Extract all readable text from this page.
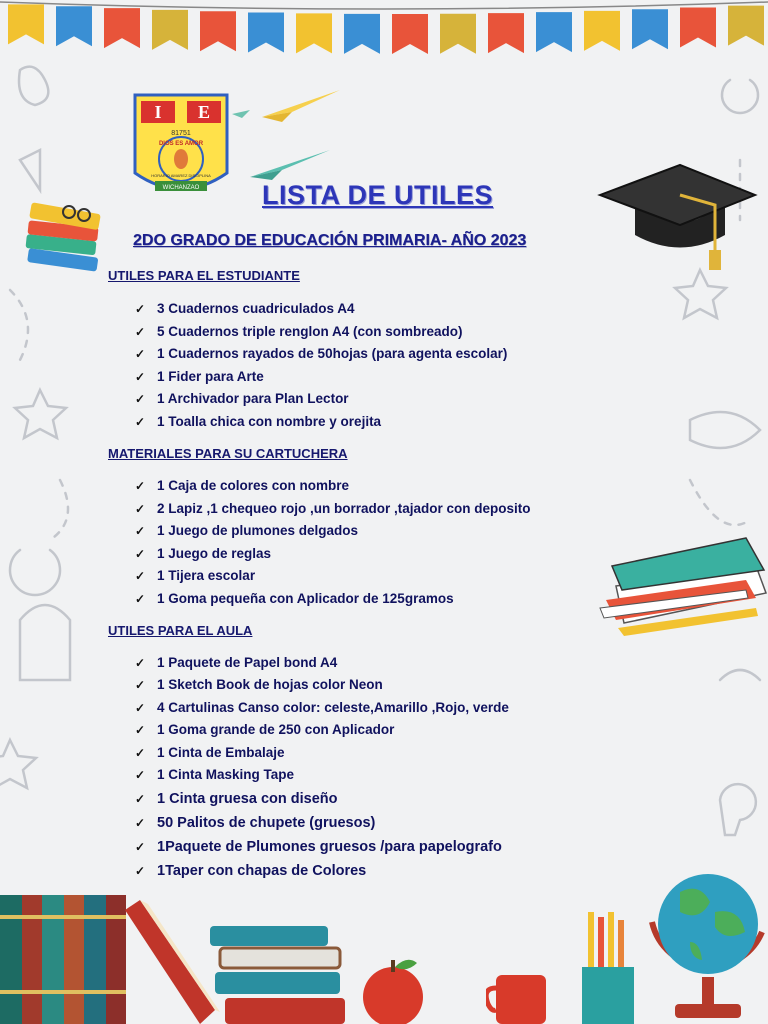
I E
81751
DIOS ES AMOR
HORARIO AMAREZ DISCIPLINA
WICHANZAO LISTA DE UTILES
2DO GRADO DE EDUCACIÓN PRIMARIA- AÑO 2023
UTILES PARA EL ESTUDIANTE
✓ 3 Cuadernos cuadriculados A4
✓ 5 Cuadernos triple renglon A4 (con sombreado)
✓ 1 Cuadernos rayados de 50hojas (para agenta escolar)
✓ 1 Fider para Arte
✓ 1 Archivador para Plan Lector
✓ 1 Toalla chica con nombre y orejita
MATERIALES PARA SU CARTUCHERA
✓ 1 Caja de colores con nombre
✓ 2 Lapiz ,1 chequeo rojo ,un borrador ,tajador con deposito
✓ 1 Juego de plumones delgados
✓ 1 Juego de reglas
✓ 1 Tijera escolar
✓ 1 Goma pequeña con Aplicador de 125gramos
UTILES PARA EL AULA
✓ 1 Paquete de Papel bond A4
✓ 1 Sketch Book de hojas color Neon
✓ 4 Cartulinas Canso color: celeste,Amarillo ,Rojo, verde
✓ 1 Goma grande de 250 con Aplicador
✓ 1 Cinta de Embalaje
✓ 1 Cinta Masking Tape
✓ 1 Cinta gruesa con diseño
✓ 50 Palitos de chupete (gruesos)
✓ 1Paquete de Plumones gruesos /para papelografo
✓ 1Taper con chapas de Colores
